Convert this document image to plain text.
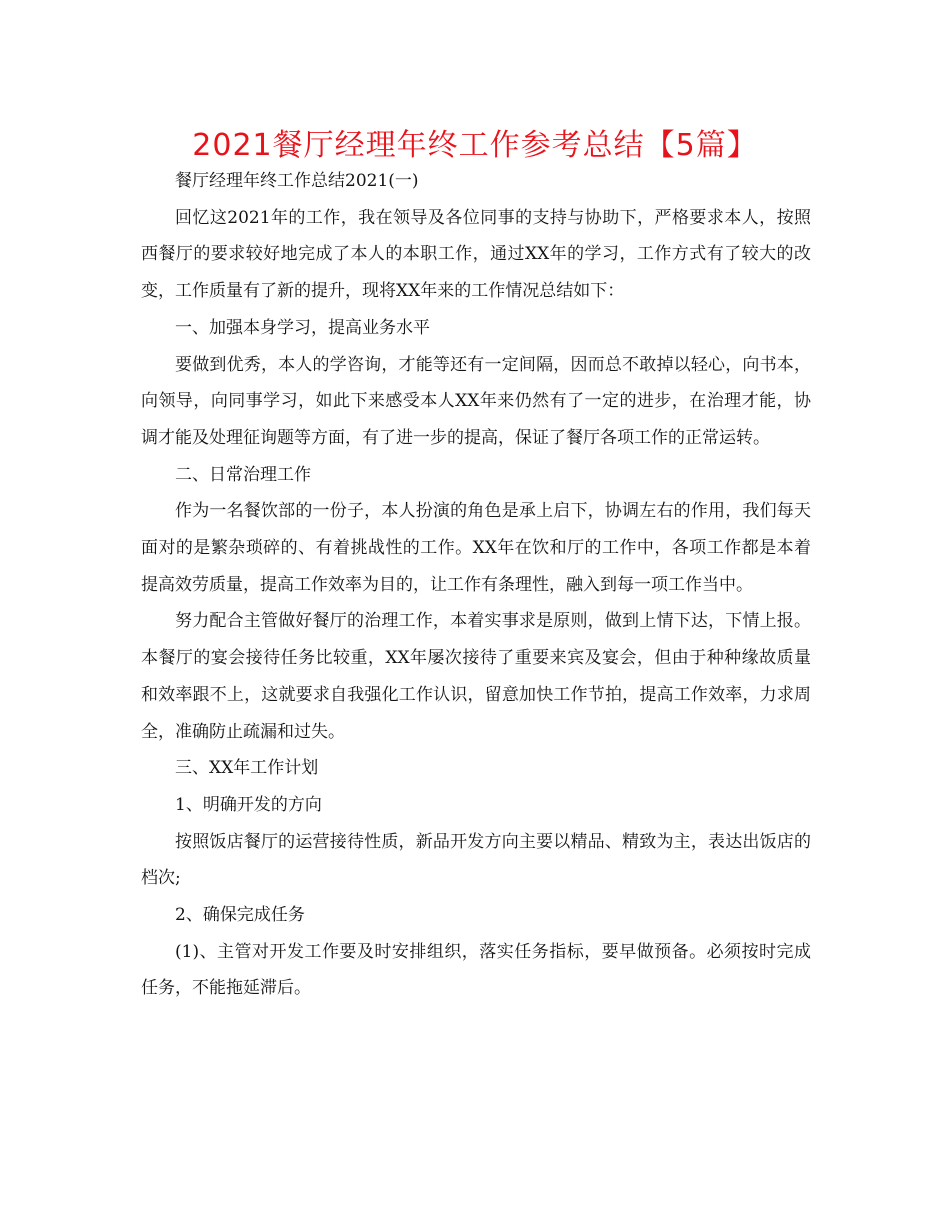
2021餐厅经理年终工作参考总结【5篇】

餐厅经理年终工作总结2021(一)

回忆这2021年的工作，我在领导及各位同事的支持与协助下，严格要求本人，按照西餐厅的要求较好地完成了本人的本职工作，通过XX年的学习，工作方式有了较大的改变，工作质量有了新的提升，现将XX年来的工作情况总结如下：

一、加强本身学习，提高业务水平

要做到优秀，本人的学咨询，才能等还有一定间隔，因而总不敢掉以轻心，向书本，向领导，向同事学习，如此下来感受本人XX年来仍然有了一定的进步，在治理才能，协调才能及处理征询题等方面，有了进一步的提高，保证了餐厅各项工作的正常运转。

二、日常治理工作

作为一名餐饮部的一份子，本人扮演的角色是承上启下，协调左右的作用，我们每天面对的是繁杂琐碎的、有着挑战性的工作。XX年在饮和厅的工作中，各项工作都是本着提高效劳质量，提高工作效率为目的，让工作有条理性，融入到每一项工作当中。

努力配合主管做好餐厅的治理工作，本着实事求是原则，做到上情下达，下情上报。本餐厅的宴会接待任务比较重，XX年屡次接待了重要来宾及宴会，但由于种种缘故质量和效率跟不上，这就要求自我强化工作认识，留意加快工作节拍，提高工作效率，力求周全，准确防止疏漏和过失。

三、XX年工作计划

1、明确开发的方向

按照饭店餐厅的运营接待性质，新品开发方向主要以精品、精致为主，表达出饭店的档次;

2、确保完成任务

(1)、主管对开发工作要及时安排组织，落实任务指标，要早做预备。必须按时完成任务，不能拖延滞后。
